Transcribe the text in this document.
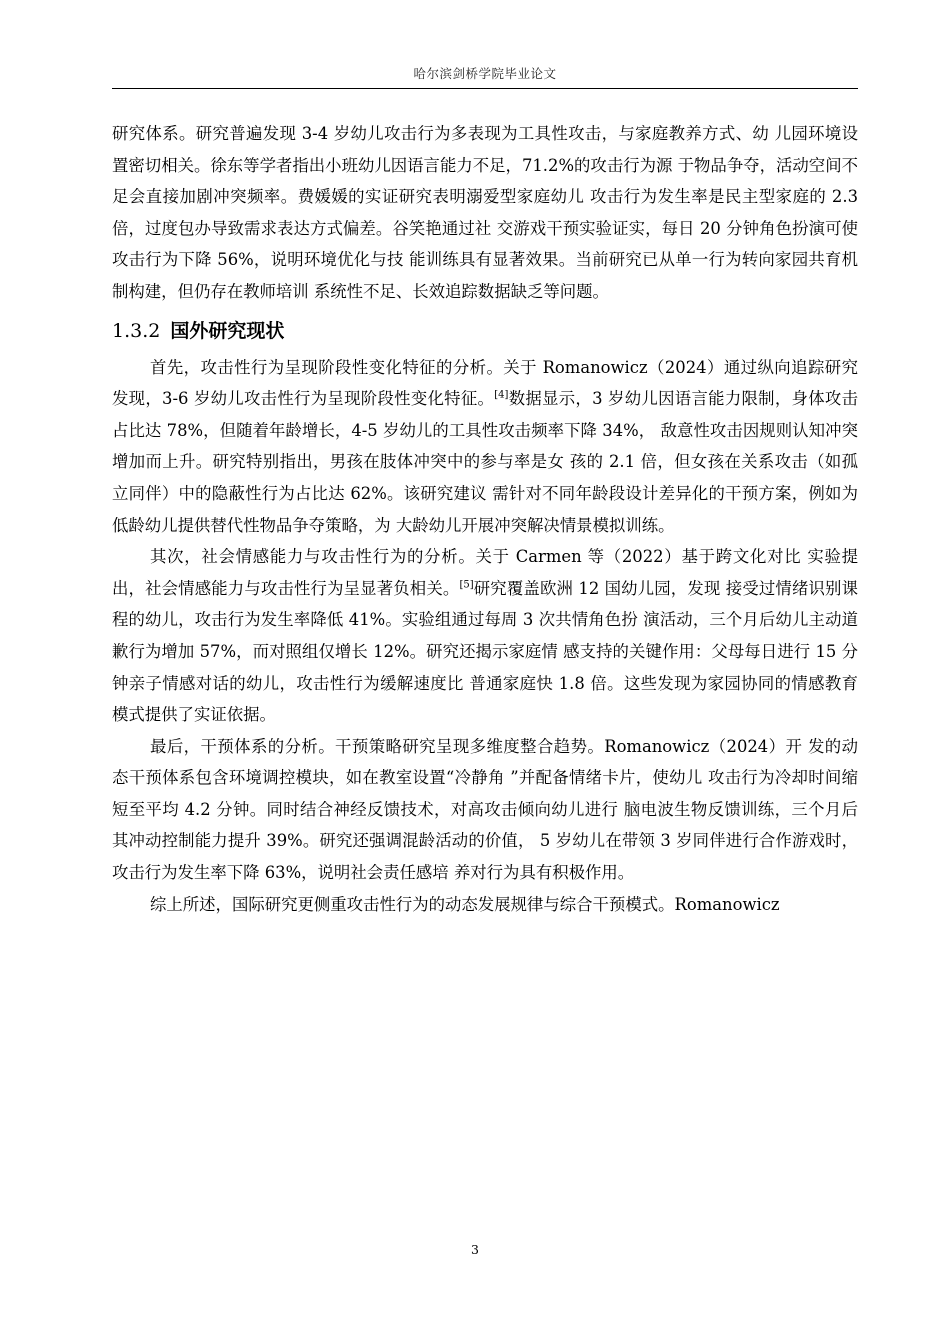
哈尔滨剑桥学院毕业论文

研究体系。研究普遍发现 3-4 岁幼儿攻击行为多表现为工具性攻击，与家庭教养方式、幼 儿园环境设置密切相关。徐东等学者指出小班幼儿因语言能力不足，71.2%的攻击行为源 于物品争夺，活动空间不足会直接加剧冲突频率。费媛媛的实证研究表明溺爱型家庭幼儿 攻击行为发生率是民主型家庭的 2.3 倍，过度包办导致需求表达方式偏差。谷笑艳通过社 交游戏干预实验证实，每日 20 分钟角色扮演可使攻击行为下降 56%，说明环境优化与技 能训练具有显著效果。当前研究已从单一行为转向家园共育机制构建，但仍存在教师培训 系统性不足、长效追踪数据缺乏等问题。

1.3.2 国外研究现状

首先，攻击性行为呈现阶段性变化特征的分析。关于 Romanowicz（2024）通过纵向追踪研究发现，3-6 岁幼儿攻击性行为呈现阶段性变化特征。[4]数据显示，3 岁幼儿因语言能力限制，身体攻击占比达 78%，但随着年龄增长，4-5 岁幼儿的工具性攻击频率下降 34%， 敌意性攻击因规则认知冲突增加而上升。研究特别指出，男孩在肢体冲突中的参与率是女 孩的 2.1 倍，但女孩在关系攻击（如孤立同伴）中的隐蔽性行为占比达 62%。该研究建议 需针对不同年龄段设计差异化的干预方案，例如为低龄幼儿提供替代性物品争夺策略，为 大龄幼儿开展冲突解决情景模拟训练。

其次，社会情感能力与攻击性行为的分析。关于 Carmen 等（2022）基于跨文化对比 实验提出，社会情感能力与攻击性行为呈显著负相关。[5]研究覆盖欧洲 12 国幼儿园，发现 接受过情绪识别课程的幼儿，攻击行为发生率降低 41%。实验组通过每周 3 次共情角色扮 演活动，三个月后幼儿主动道歉行为增加 57%，而对照组仅增长 12%。研究还揭示家庭情 感支持的关键作用：父母每日进行 15 分钟亲子情感对话的幼儿，攻击性行为缓解速度比 普通家庭快 1.8 倍。这些发现为家园协同的情感教育模式提供了实证依据。

最后，干预体系的分析。干预策略研究呈现多维度整合趋势。Romanowicz（2024）开 发的动态干预体系包含环境调控模块，如在教室设置“冷静角 ”并配备情绪卡片，使幼儿 攻击行为冷却时间缩短至平均 4.2 分钟。同时结合神经反馈技术，对高攻击倾向幼儿进行 脑电波生物反馈训练，三个月后其冲动控制能力提升 39%。研究还强调混龄活动的价值， 5 岁幼儿在带领 3 岁同伴进行合作游戏时，攻击行为发生率下降 63%，说明社会责任感培 养对行为具有积极作用。

综上所述，国际研究更侧重攻击性行为的动态发展规律与综合干预模式。Romanowicz

3
